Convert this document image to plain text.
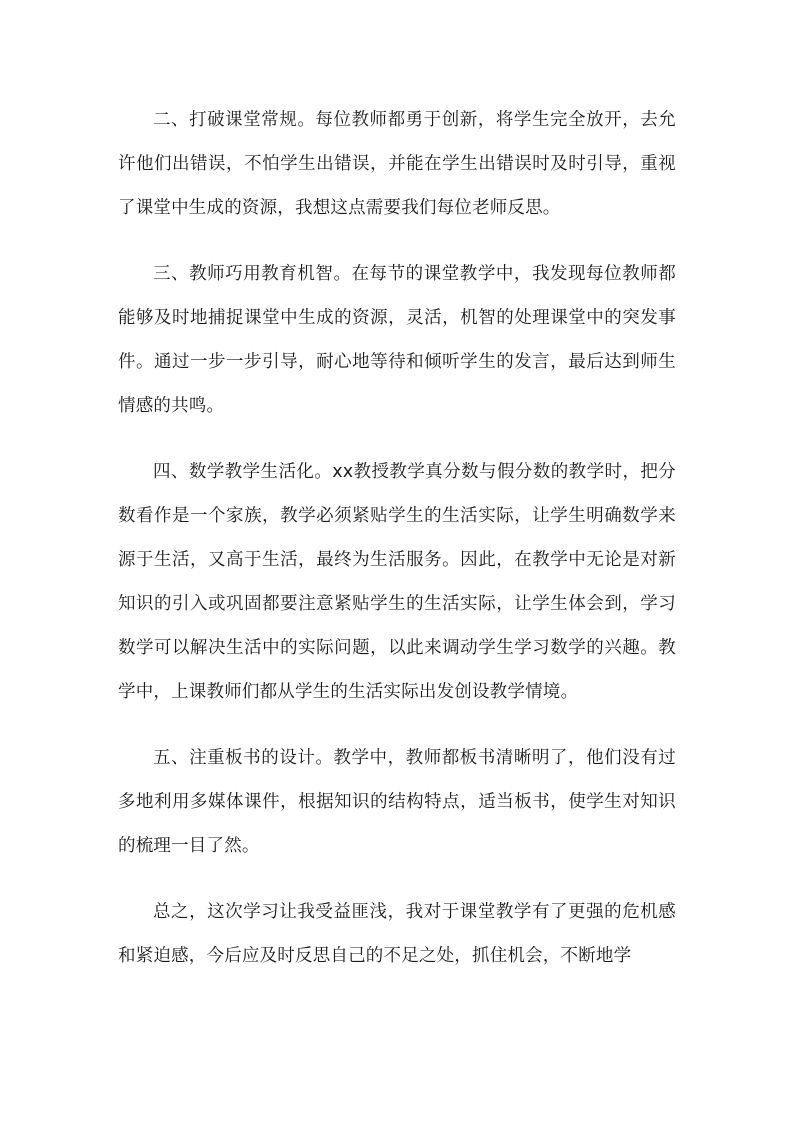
二、打破课堂常规。每位教师都勇于创新，将学生完全放开，去允许他们出错误，不怕学生出错误，并能在学生出错误时及时引导，重视了课堂中生成的资源，我想这点需要我们每位老师反思。

三、教师巧用教育机智。在每节的课堂教学中，我发现每位教师都能够及时地捕捉课堂中生成的资源，灵活，机智的处理课堂中的突发事件。通过一步一步引导，耐心地等待和倾听学生的发言，最后达到师生情感的共鸣。

四、数学教学生活化。xx教授教学真分数与假分数的教学时，把分数看作是一个家族，教学必须紧贴学生的生活实际，让学生明确数学来源于生活，又高于生活，最终为生活服务。因此，在教学中无论是对新知识的引入或巩固都要注意紧贴学生的生活实际，让学生体会到，学习数学可以解决生活中的实际问题，以此来调动学生学习数学的兴趣。教学中，上课教师们都从学生的生活实际出发创设教学情境。

五、注重板书的设计。教学中，教师都板书清晰明了，他们没有过多地利用多媒体课件，根据知识的结构特点，适当板书，使学生对知识的梳理一目了然。

总之，这次学习让我受益匪浅，我对于课堂教学有了更强的危机感和紧迫感，今后应及时反思自己的不足之处，抓住机会，不断地学
